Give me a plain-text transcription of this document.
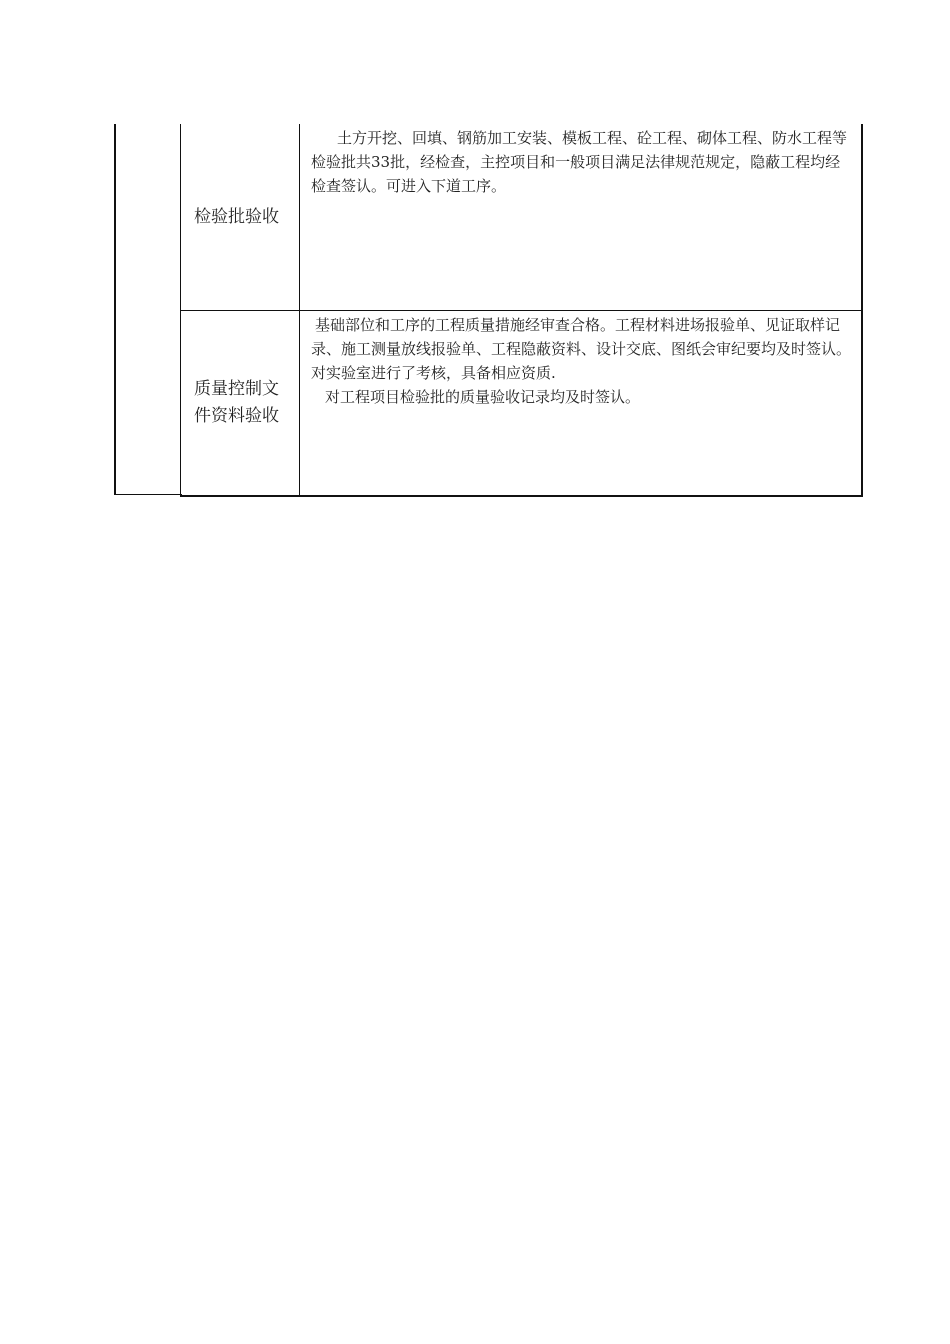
检验批验收

土方开挖、回填、钢筋加工安装、模板工程、砼工程、砌体工程、防水工程等检验批共33批，经检查，主控项目和一般项目满足法律规范规定，隐蔽工程均经检查签认。可进入下道工序。

质量控制文件资料验收

基础部位和工序的工程质量措施经审查合格。工程材料进场报验单、见证取样记录、施工测量放线报验单、工程隐蔽资料、设计交底、图纸会审纪要均及时签认。对实验室进行了考核，具备相应资质.

对工程项目检验批的质量验收记录均及时签认。
